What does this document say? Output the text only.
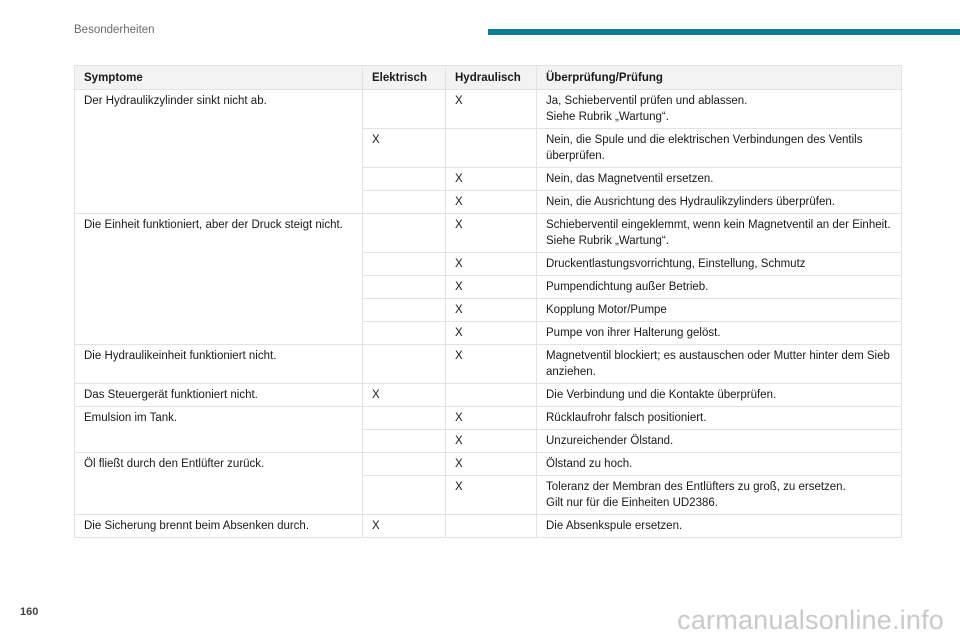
Besonderheiten
Symptome	Elektrisch	Hydraulisch	Überprüfung/Prüfung
Der Hydraulikzylinder sinkt nicht ab.		X	Ja, Schieberventil prüfen und ablassen.
Siehe Rubrik „Wartung“.

	X		Nein, die Spule und die elektrischen Verbindungen des Ventils überprüfen.

		X	Nein, das Magnetventil ersetzen.

		X	Nein, die Ausrichtung des Hydraulikzylinders überprüfen.

Die Einheit funktioniert, aber der Druck steigt nicht.		X	Schieberventil eingeklemmt, wenn kein Magnetventil an der Einheit.
Siehe Rubrik „Wartung“.

		X	Druckentlastungsvorrichtung, Einstellung, Schmutz

		X	Pumpendichtung außer Betrieb.

		X	Kopplung Motor/Pumpe

		X	Pumpe von ihrer Halterung gelöst.

Die Hydraulikeinheit funktioniert nicht.		X	Magnetventil blockiert; es austauschen oder Mutter hinter dem Sieb anziehen.

Das Steuergerät funktioniert nicht.	X		Die Verbindung und die Kontakte überprüfen.

Emulsion im Tank.		X	Rücklaufrohr falsch positioniert.

		X	Unzureichender Ölstand.

Öl fließt durch den Entlüfter zurück.		X	Ölstand zu hoch.

		X	Toleranz der Membran des Entlüfters zu groß, zu ersetzen.
Gilt nur für die Einheiten UD2386.

Die Sicherung brennt beim Absenken durch.	X		Die Absenkspule ersetzen.
160	carmanualsonline.info
